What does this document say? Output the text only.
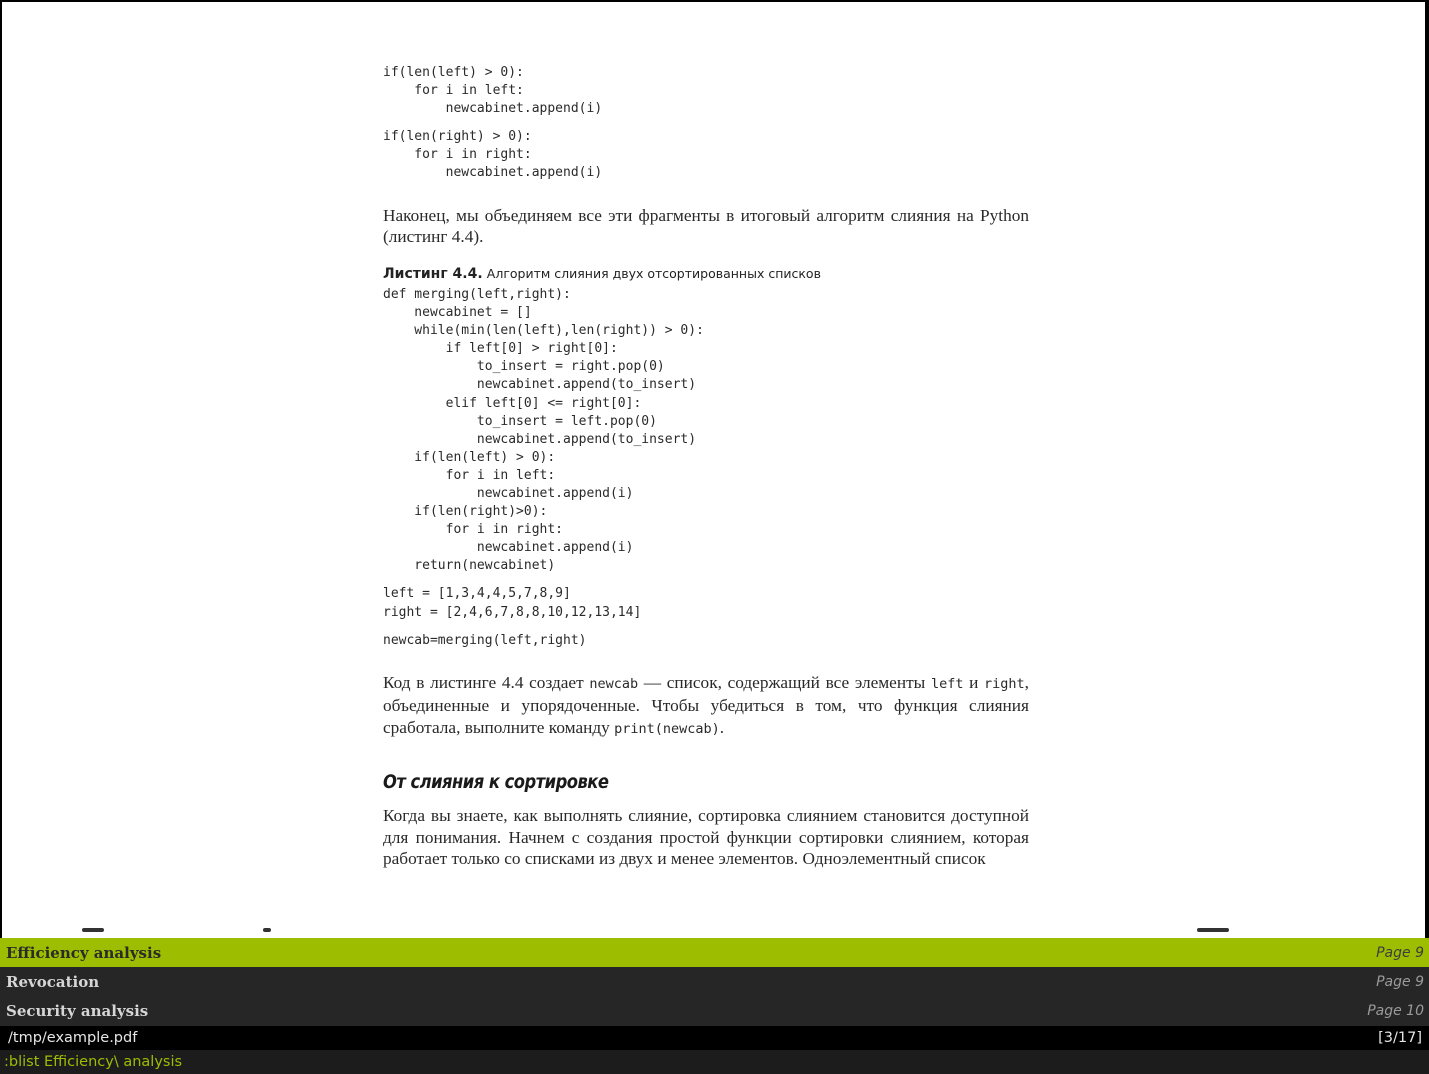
if(len(left) > 0):
for i in left:
newcabinet.append(i)
if(len(right) > 0):
for i in right:
newcabinet.append(i)

Наконец, мы объединяем все эти фрагменты в итоговый алгоритм слияния на Python (листинг 4.4).

Листинг 4.4. Алгоритм слияния двух отсортированных списков
def merging(left,right):
newcabinet = []
while(min(len(left),len(right)) > 0):
if left[0] > right[0]:
to_insert = right.pop(0)
newcabinet.append(to_insert)
elif left[0] <= right[0]:
to_insert = left.pop(0)
newcabinet.append(to_insert)
if(len(left) > 0):
for i in left:
newcabinet.append(i)
if(len(right)>0):
for i in right:
newcabinet.append(i)
return(newcabinet)
left = [1,3,4,4,5,7,8,9]
right = [2,4,6,7,8,8,10,12,13,14]
newcab=merging(left,right)

Код в листинге 4.4 создает newcab — список, содержащий все элементы left и right, объединенные и упорядоченные. Чтобы убедиться в том, что функция слияния сработала, выполните команду print(newcab).

От слияния к сортировке

Когда вы знаете, как выполнять слияние, сортировка слиянием становится доступной для понимания. Начнем с создания простой функции сортировки слиянием, которая работает только со списками из двух и менее элементов. Одноэлементный список

Efficiency analysis	Page 9
Revocation	Page 9
Security analysis	Page 10
/tmp/example.pdf	[3/17]
:blist Efficiency\ analysis
